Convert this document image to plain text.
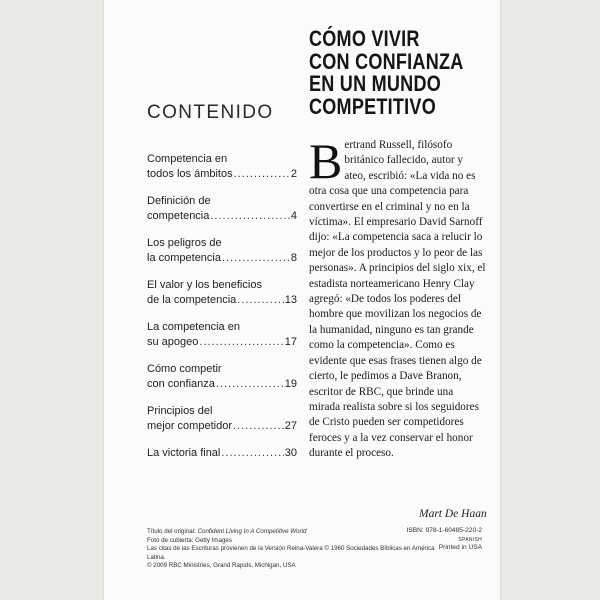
CONTENIDO
Competencia en
todos los ámbitos .....	2
Definición de
competencia .....	4
Los peligros de
la competencia .....	8
El valor y los beneficios
de la competencia .....	13
La competencia en
su apogeo .....	17
Cómo competir
con confianza .....	19
Principios del
mejor competidor .....	27
La victoria final .....	30
CÓMO VIVIR
CON CONFIANZA
EN UN MUNDO
COMPETITIVO
B ertrand Russell, filósofo británico fallecido, autor y ateo, escribió: «La vida no es otra cosa que una competencia para convertirse en el criminal y no en la víctima». El empresario David Sarnoff dijo: «La competencia saca a relucir lo mejor de los productos y lo peor de las personas». A principios del siglo xix, el estadista norteamericano Henry Clay agregó: «De todos los poderes del hombre que movilizan los negocios de la humanidad, ninguno es tan grande como la competencia». Como es evidente que esas frases tienen algo de cierto, le pedimos a Dave Branon, escritor de RBC, que brinde una mirada realista sobre si los seguidores de Cristo pueden ser competidores feroces y a la vez conservar el honor durante el proceso.

Mart De Haan
Título del original: Confident Living In A Competitive World
Foto de cubierta: Getty Images
Las citas de las Escrituras provienen de la Versión Reina-Valera © 1960 Sociedades Bíblicas en América Latina.
© 2009 RBC Ministries, Grand Rapids, Michigan, USA
ISBN: 978-1-60485-220-2
SPANISH
Printed in USA
